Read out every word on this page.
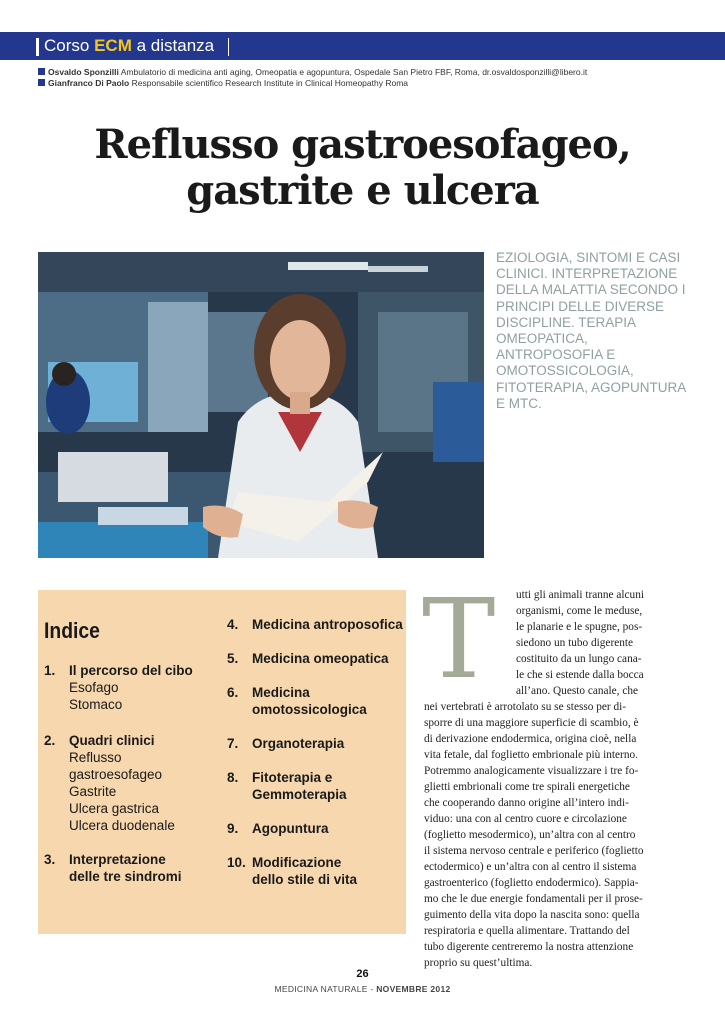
Corso ECM a distanza
Osvaldo Sponzilli Ambulatorio di medicina anti aging, Omeopatia e agopuntura, Ospedale San Pietro FBF, Roma, dr.osvaldosponzilli@libero.it
Gianfranco Di Paolo Responsabile scientifico Research Institute in Clinical Homeopathy Roma
Reflusso gastroesofageo,
gastrite e ulcera
EZIOLOGIA, SINTOMI E CASI CLINICI. INTERPRETAZIONE DELLA MALATTIA SECONDO I PRINCIPI DELLE DIVERSE DISCIPLINE. TERAPIA OMEOPATICA, ANTROPOSOFIA E OMOTOSSICOLOGIA, FITOTERAPIA, AGOPUNTURA E MTC.
Indice
1. Il percorso del cibo
Esofago
Stomaco
2. Quadri clinici
Reflusso
gastroesofageo
Gastrite
Ulcera gastrica
Ulcera duodenale
3. Interpretazione
delle tre sindromi
4. Medicina antroposofica
5. Medicina omeopatica
6. Medicina
omotossicologica
7. Organoterapia
8. Fitoterapia e
Gemmoterapia
9. Agopuntura
10. Modificazione
dello stile di vita
T utti gli animali tranne alcuni
organismi, come le meduse,
le planarie e le spugne, pos-
siedono un tubo digerente
costituito da un lungo cana-
le che si estende dalla bocca
all’ano. Questo canale, che
nei vertebrati è arrotolato su se stesso per di-
sporre di una maggiore superficie di scambio, è
di derivazione endodermica, origina cioè, nella
vita fetale, dal foglietto embrionale più interno.
Potremmo analogicamente visualizzare i tre fo-
glietti embrionali come tre spirali energetiche
che cooperando danno origine all’intero indi-
viduo: una con al centro cuore e circolazione
(foglietto mesodermico), un’altra con al centro
il sistema nervoso centrale e periferico (foglietto
ectodermico) e un’altra con al centro il sistema
gastroenterico (foglietto endodermico). Sappia-
mo che le due energie fondamentali per il prose-
guimento della vita dopo la nascita sono: quella
respiratoria e quella alimentare. Trattando del
tubo digerente centreremo la nostra attenzione
proprio su quest’ultima.
26
MEDICINA NATURALE - NOVEMBRE 2012
